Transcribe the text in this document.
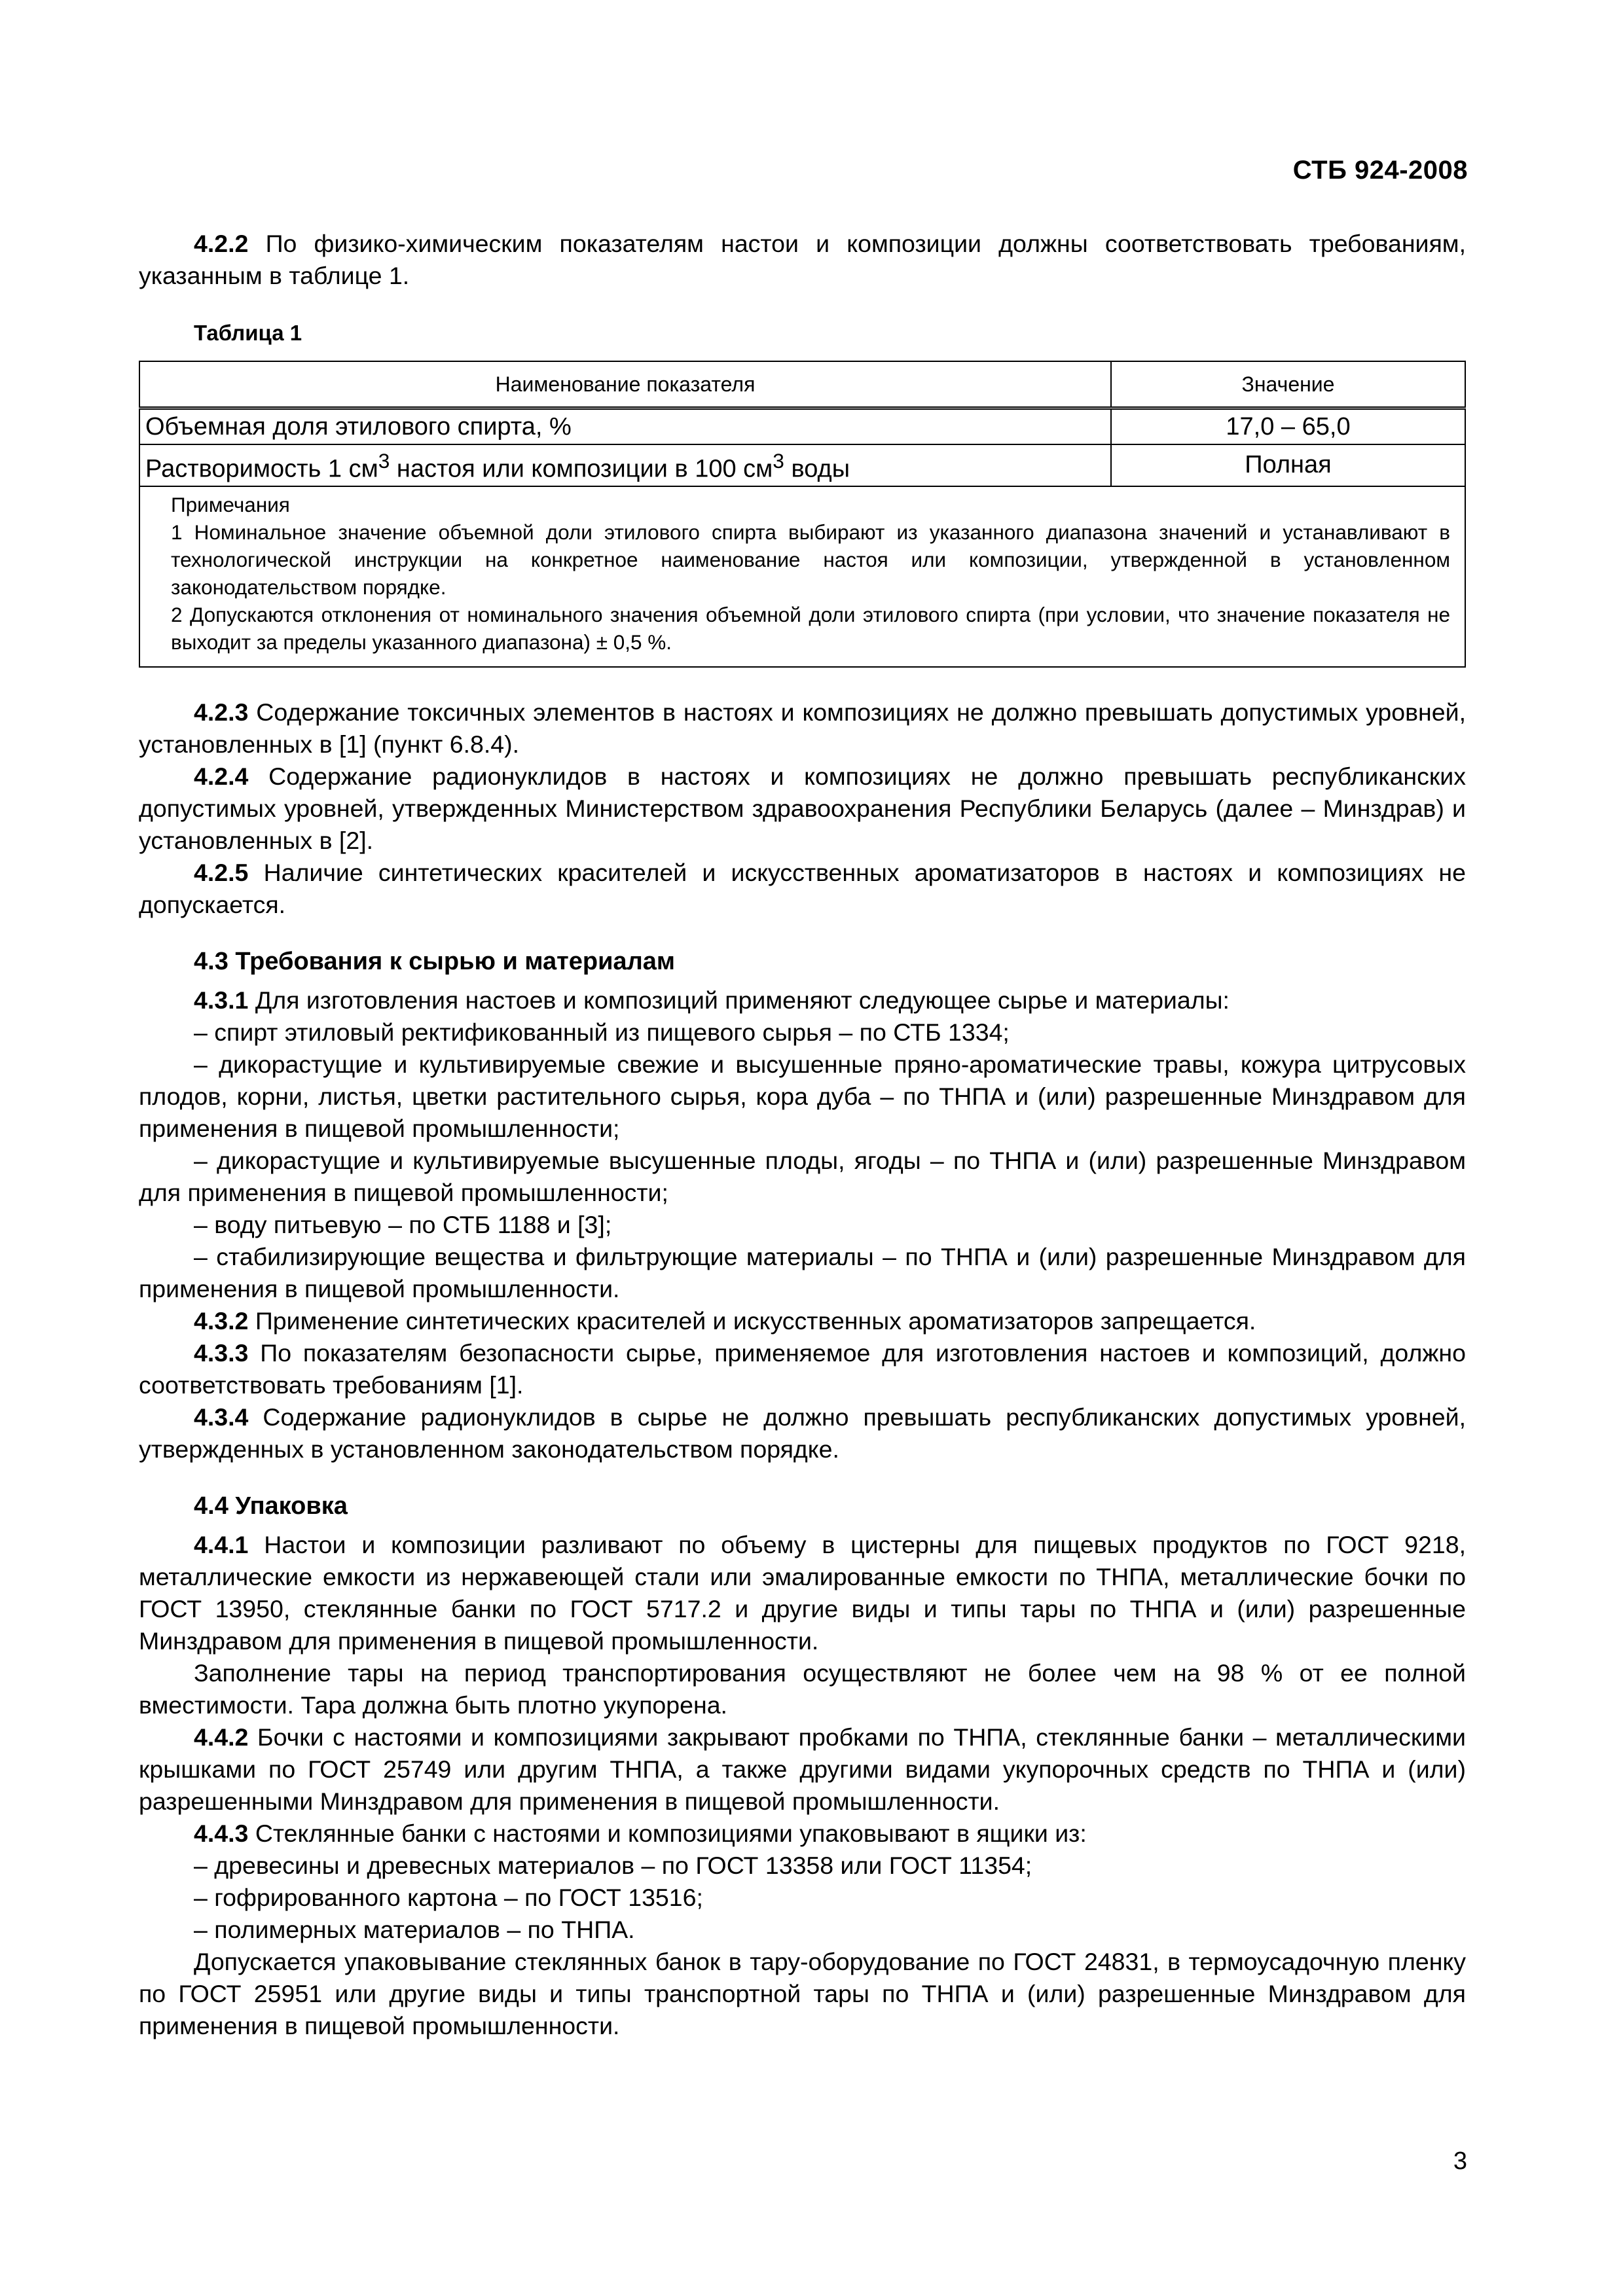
СТБ 924-2008

4.2.2 По физико-химическим показателям настои и композиции должны соответствовать требованиям, указанным в таблице 1.

Таблица 1
Наименование показателя	Значение
Объемная доля этилового спирта, %	17,0 – 65,0
Растворимость 1 $см^3$ настоя или композиции в 100 $см^3$ воды	Полная

Примечания

1 Номинальное значение объемной доли этилового спирта выбирают из указанного диапазона значений и устанавливают в технологической инструкции на конкретное наименование настоя или композиции, утвержденной в установленном законодательством порядке.

2 Допускаются отклонения от номинального значения объемной доли этилового спирта (при условии, что значение показателя не выходит за пределы указанного диапазона) ± 0,5 %.	

4.2.3 Содержание токсичных элементов в настоях и композициях не должно превышать допустимых уровней, установленных в [1] (пункт 6.8.4).

4.2.4 Содержание радионуклидов в настоях и композициях не должно превышать республиканских допустимых уровней, утвержденных Министерством здравоохранения Республики Беларусь (далее – Минздрав) и установленных в [2].

4.2.5 Наличие синтетических красителей и искусственных ароматизаторов в настоях и композициях не допускается.

4.3 Требования к сырью и материалам

4.3.1 Для изготовления настоев и композиций применяют следующее сырье и материалы:

– спирт этиловый ректификованный из пищевого сырья – по СТБ 1334;

– дикорастущие и культивируемые свежие и высушенные пряно-ароматические травы, кожура цитрусовых плодов, корни, листья, цветки растительного сырья, кора дуба – по ТНПА и (или) разрешенные Минздравом для применения в пищевой промышленности;

– дикорастущие и культивируемые высушенные плоды, ягоды – по ТНПА и (или) разрешенные Минздравом для применения в пищевой промышленности;

– воду питьевую – по СТБ 1188 и [3];

– стабилизирующие вещества и фильтрующие материалы – по ТНПА и (или) разрешенные Минздравом для применения в пищевой промышленности.

4.3.2 Применение синтетических красителей и искусственных ароматизаторов запрещается.

4.3.3 По показателям безопасности сырье, применяемое для изготовления настоев и композиций, должно соответствовать требованиям [1].

4.3.4 Содержание радионуклидов в сырье не должно превышать республиканских допустимых уровней, утвержденных в установленном законодательством порядке.

4.4 Упаковка

4.4.1 Настои и композиции разливают по объему в цистерны для пищевых продуктов по ГОСТ 9218, металлические емкости из нержавеющей стали или эмалированные емкости по ТНПА, металлические бочки по ГОСТ 13950, стеклянные банки по ГОСТ 5717.2 и другие виды и типы тары по ТНПА и (или) разрешенные Минздравом для применения в пищевой промышленности.

Заполнение тары на период транспортирования осуществляют не более чем на 98 % от ее полной вместимости. Тара должна быть плотно укупорена.

4.4.2 Бочки с настоями и композициями закрывают пробками по ТНПА, стеклянные банки – металлическими крышками по ГОСТ 25749 или другим ТНПА, а также другими видами укупорочных средств по ТНПА и (или) разрешенными Минздравом для применения в пищевой промышленности.

4.4.3 Стеклянные банки с настоями и композициями упаковывают в ящики из:

– древесины и древесных материалов – по ГОСТ 13358 или ГОСТ 11354;

– гофрированного картона – по ГОСТ 13516;

– полимерных материалов – по ТНПА.

Допускается упаковывание стеклянных банок в тару-оборудование по ГОСТ 24831, в термоусадочную пленку по ГОСТ 25951 или другие виды и типы транспортной тары по ТНПА и (или) разрешенные Минздравом для применения в пищевой промышленности.

3
